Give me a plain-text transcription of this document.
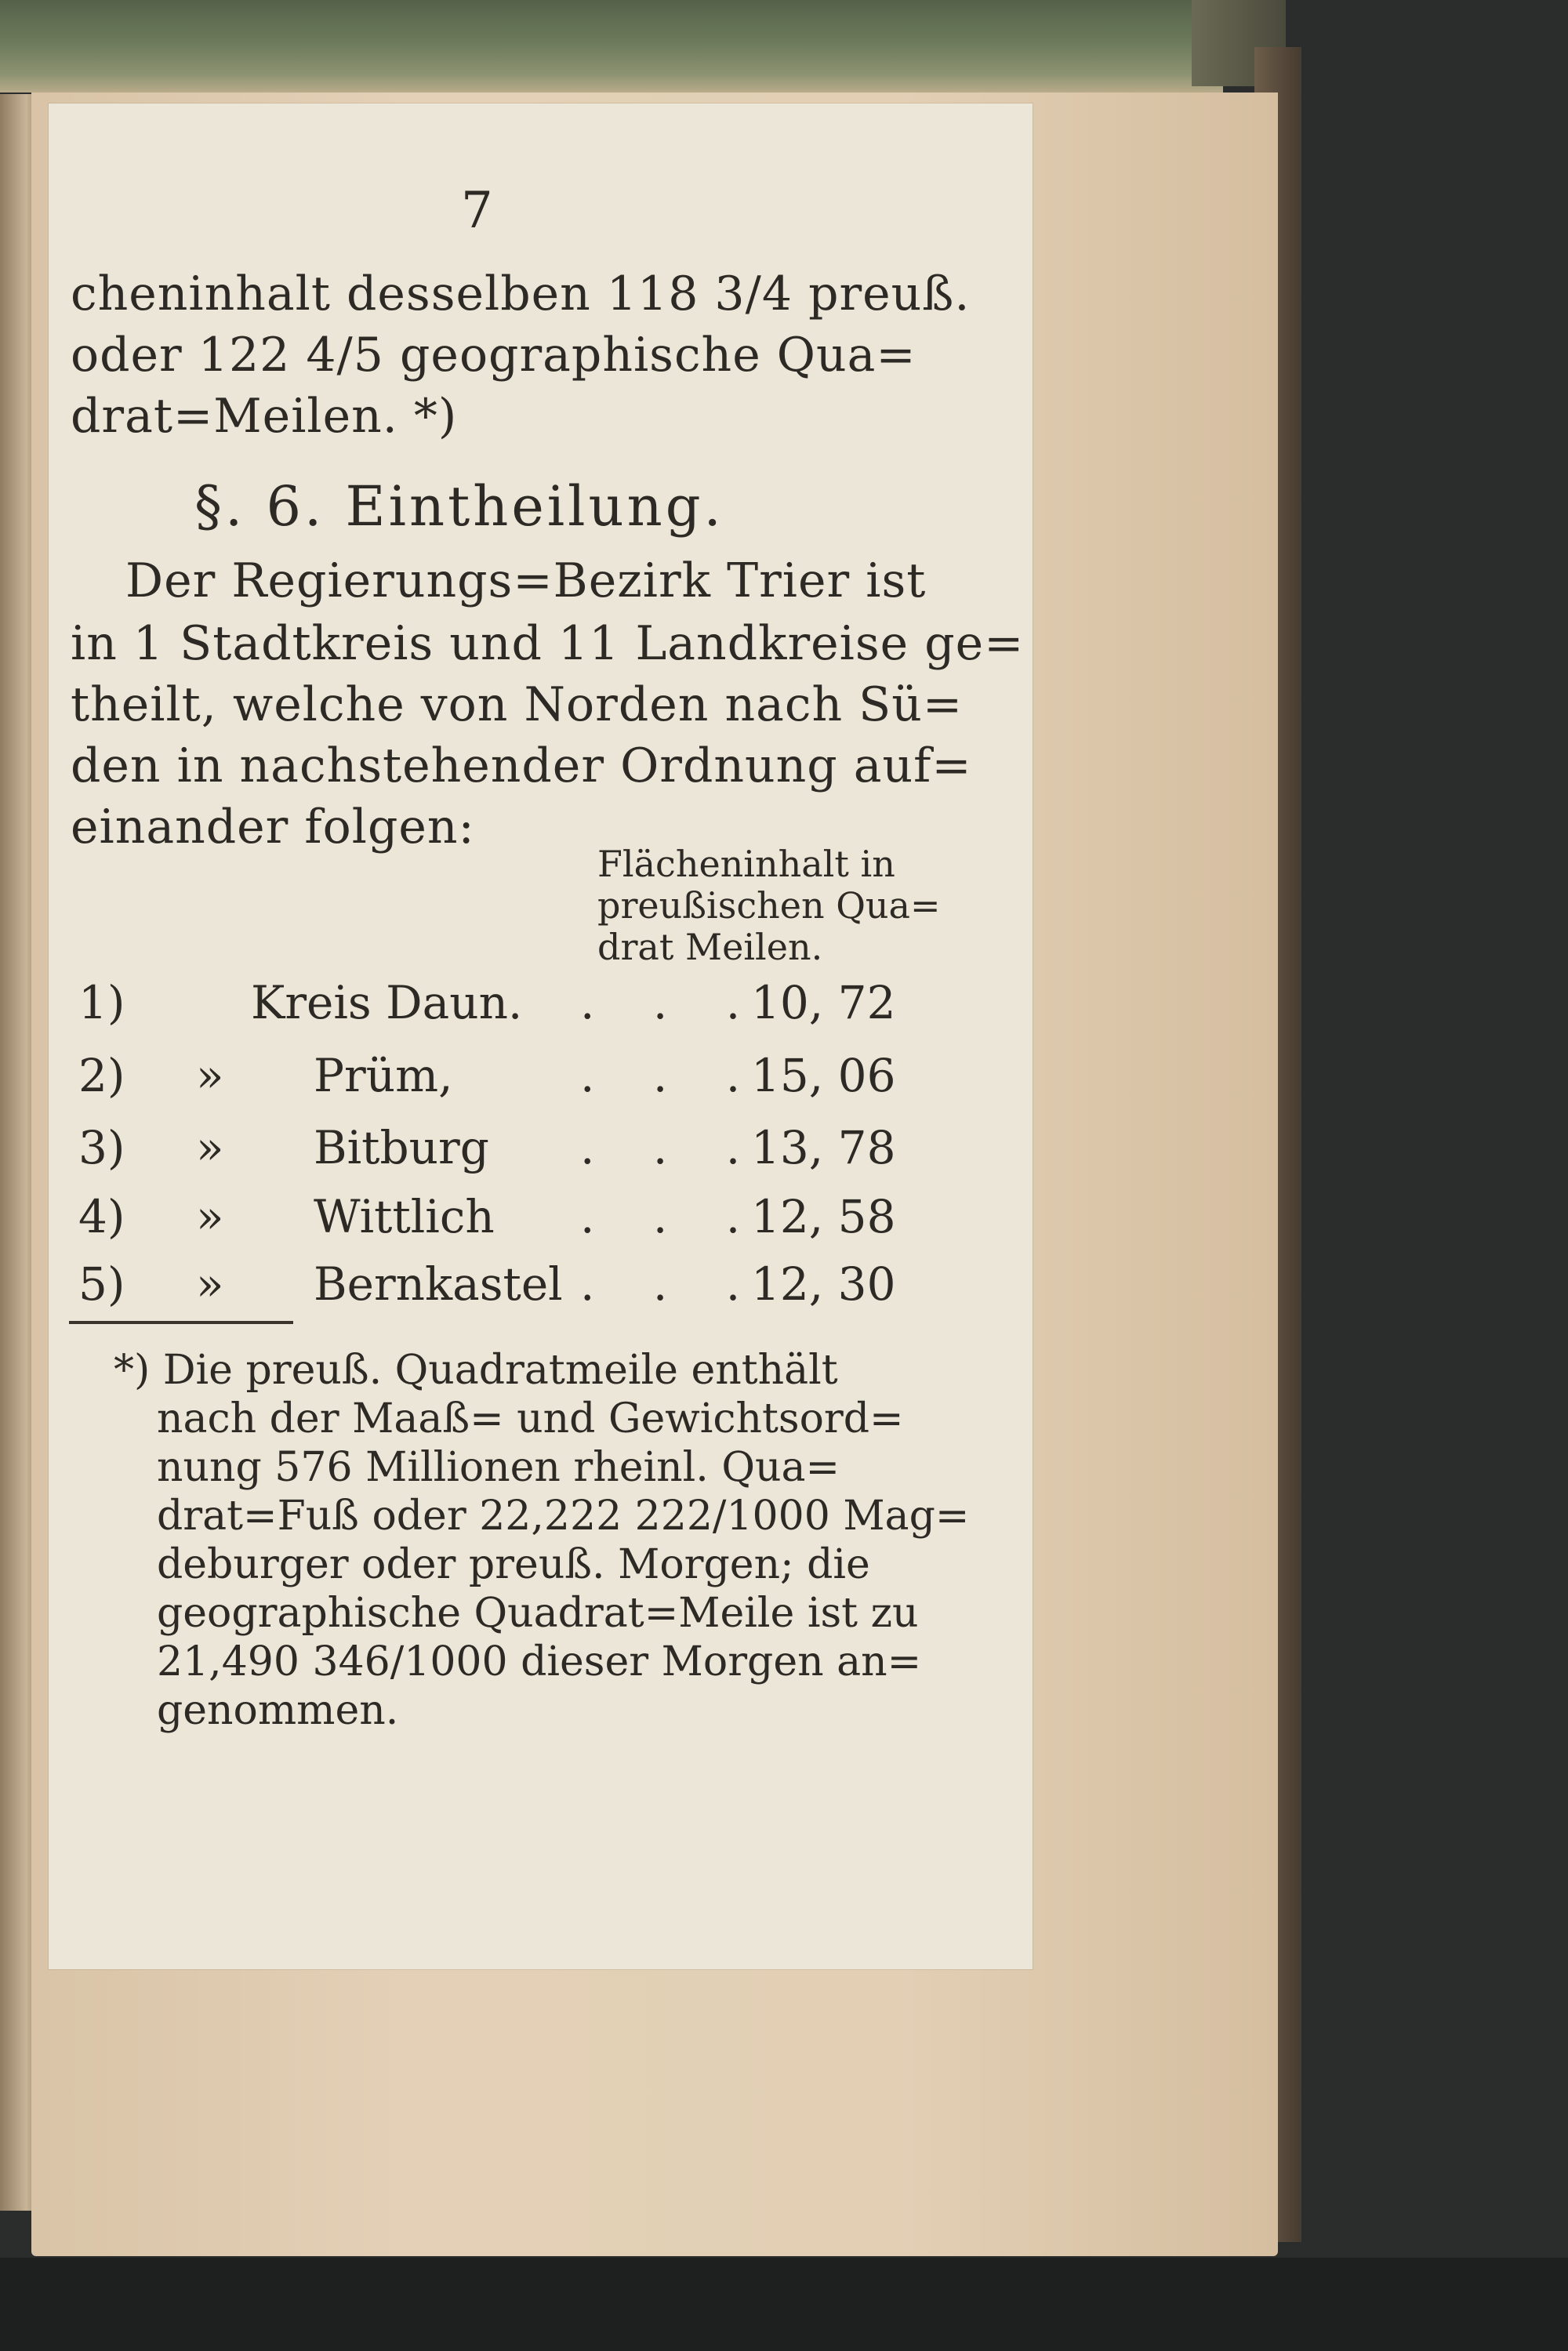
7
cheninhalt desselben 118 3/4 preuß.
oder 122 4/5 geographische Qua=
drat=Meilen. *)
§. 6. Eintheilung.
Der Regierungs=Bezirk Trier ist
in 1 Stadtkreis und 11 Landkreise ge=
theilt, welche von Norden nach Sü=
den in nachstehender Ordnung auf=
einander folgen:
Flächeninhalt in
preußischen Qua=
drat Meilen.
1)	Kreis Daun. . . .
10, 72
2) » Prüm,	. . .
15, 06
3) » Bitburg . . .
13, 78
4) » Wittlich . . .
12, 58
5) » Bernkastel . . .
12, 30
*) Die preuß. Quadratmeile enthält
nach der Maaß= und Gewichtsord=
nung 576 Millionen rheinl. Qua=
drat=Fuß oder 22,222 222/1000 Mag=
deburger oder preuß. Morgen; die
geographische Quadrat=Meile ist zu
21,490 346/1000 dieser Morgen an=
genommen.
